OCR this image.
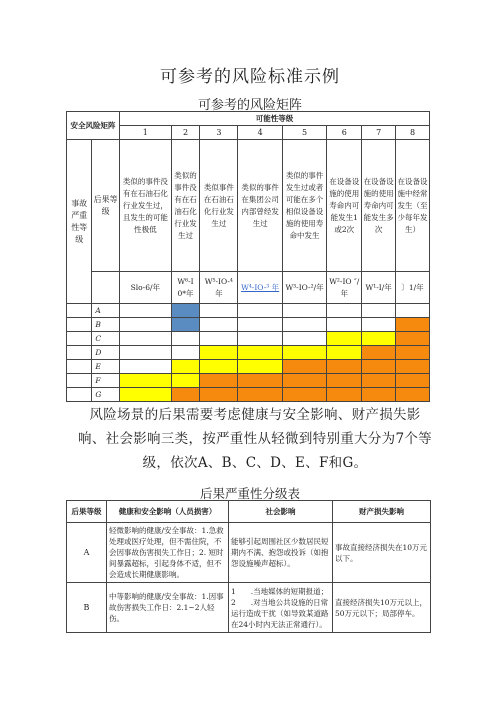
可参考的风险标准示例
可参考的风险矩阵
安全风险矩阵		可能性等级							
		1	2	3	4	5	6	7	8
事故严重性等级	后果等级	类似的事件没有在石油石化行业发生过，且发生的可能性极低	类似的事件没有在石油石化行业发生过	类似事件在石油石化行业发生过	类似的事件在集团公司内部曾经发生过	类似的事件发生过或者可能在多个相似设备设施的使用寿命中发生	在设备设施的使用寿命内可能发生1或2次	在设备设施的使用寿命内可能发生多次	在设备设施中经常发生（至少每年发生）
		Slo-6/年	W⁶-I 0*年	W⁵-IO-⁴年	W⁴-IO-³ 年	W³-IO-²/年	W²-IO ″/年	W¹-I/年	〕1/年
	A								
	B								
	C								
	D								
	E								
	F								
	G								
风险场景的后果需要考虑健康与安全影响、财产损失影
响、社会影响三类，按严重性从轻微到特别重大分为7个等
级，依次A、B、C、D、E、F和G。
后果严重性分级表
后果等级	健康和安全影响（人员损害）	社会影响	财产损失影响
A	轻微影响的健康/安全事故：1.急救处理或医疗处理，但不需住院，不会因事故伤害损失工作日；2. 短时间暴露超标，引起身体不适，但不会造成长期健康影响。	能够引起周围社区少数居民短期内不满、抱怨或投诉（如抱怨设施噪声超标）。	事故直接经济损失在10万元以下。
B	中等影响的健康/安全事故：1.因事故伤害损失工作日：2.1~2人轻伤。	1　　.当地媒体的短期报道；2　　.对当地公共设施的日常运行造成干扰（如导致某道路在24小时内无法正常通行）。	直接经济损失10万元以上，50万元以下；局部停车。
